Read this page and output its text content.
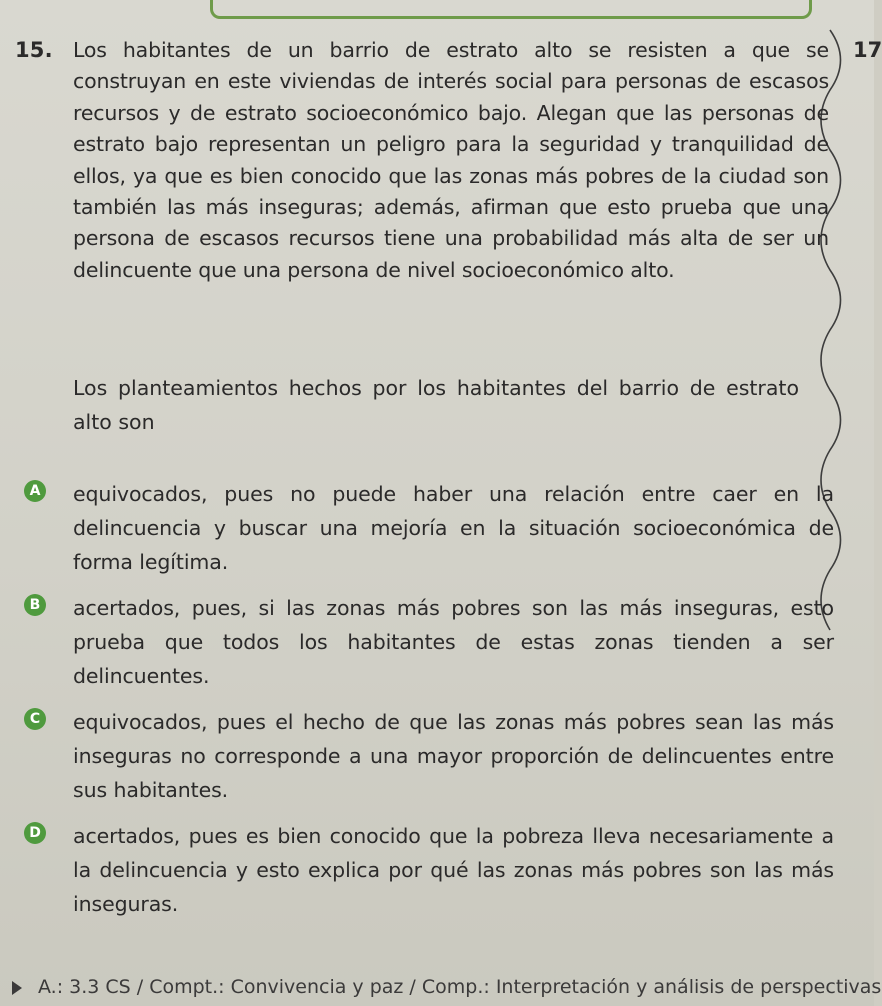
15.	17

Los habitantes de un barrio de estrato alto se resisten a que se construyan en este viviendas de interés social para personas de escasos recursos y de estrato socioeconómico bajo. Alegan que las personas de estrato bajo representan un peligro para la seguridad y tranquilidad de ellos, ya que es bien conocido que las zonas más pobres de la ciudad son también las más inseguras; además, afirman que esto prueba que una persona de escasos recursos tiene una probabilidad más alta de ser un delincuente que una persona de nivel socioeconómico alto.

Los planteamientos hechos por los habitantes del barrio de estrato alto son

A equivocados, pues no puede haber una relación entre caer en la delincuencia y buscar una mejoría en la situación socioeconómica de forma legítima.

B acertados, pues, si las zonas más pobres son las más inseguras, esto prueba que todos los habitantes de estas zonas tienden a ser delincuentes.

C equivocados, pues el hecho de que las zonas más pobres sean las más inseguras no corresponde a una mayor proporción de delincuentes entre sus habitantes.

D acertados, pues es bien conocido que la pobreza lleva necesariamente a la delincuencia y esto explica por qué las zonas más pobres son las más inseguras.

A.: 3.3 CS / Compt.: Convivencia y paz / Comp.: Interpretación y análisis de perspectivas
